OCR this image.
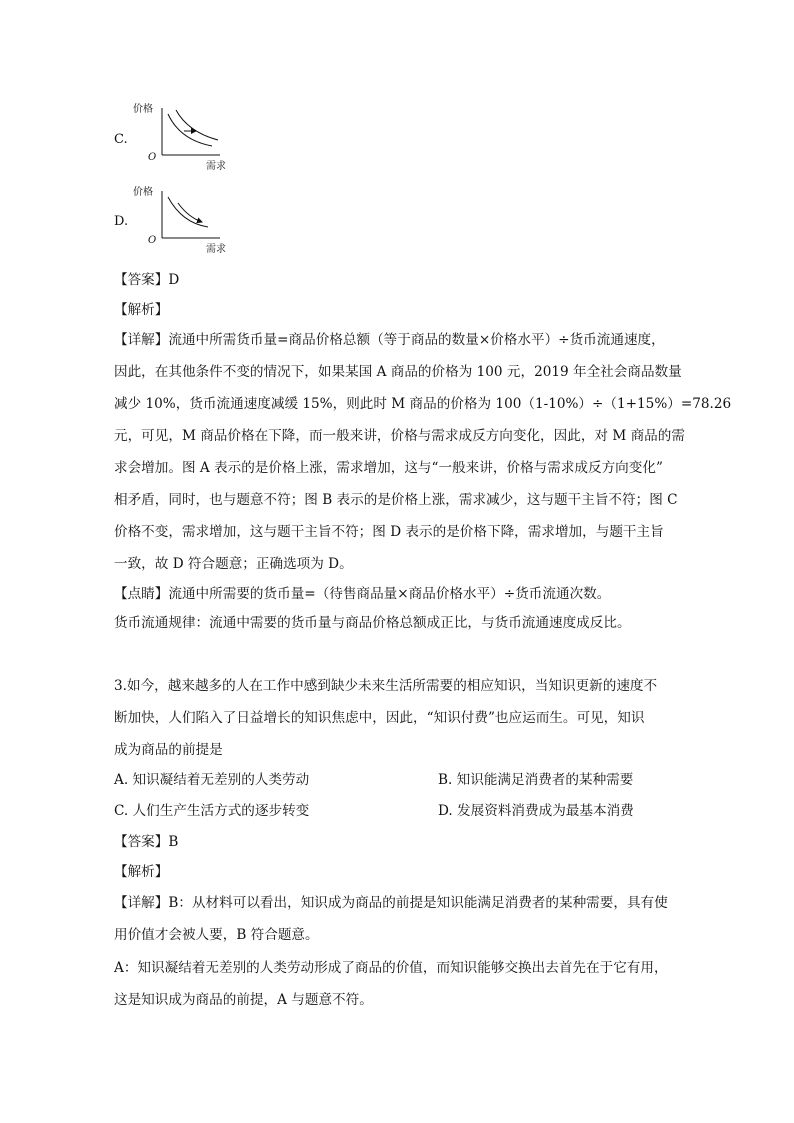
C.
价格
O
需求
D.
价格
O
需求
【答案】D
【解析】
【详解】流通中所需货币量=商品价格总额（等于商品的数量×价格水平）÷货币流通速度，
因此，在其他条件不变的情况下，如果某国 A 商品的价格为 100 元，2019 年全社会商品数量
减少 10%，货币流通速度减缓 15%，则此时 M 商品的价格为 100（1-10%）÷（1+15%）=78.26
元，可见，M 商品价格在下降，而一般来讲，价格与需求成反方向变化，因此，对 M 商品的需
求会增加。图 A 表示的是价格上涨，需求增加，这与“一般来讲，价格与需求成反方向变化”
相矛盾，同时，也与题意不符；图 B 表示的是价格上涨，需求减少，这与题干主旨不符；图 C
价格不变，需求增加，这与题干主旨不符；图 D 表示的是价格下降，需求增加，与题干主旨
一致，故 D 符合题意；正确选项为 D。
【点睛】流通中所需要的货币量=（待售商品量×商品价格水平）÷货币流通次数。
货币流通规律：流通中需要的货币量与商品价格总额成正比，与货币流通速度成反比。
3.如今，越来越多的人在工作中感到缺少未来生活所需要的相应知识，当知识更新的速度不
断加快，人们陷入了日益增长的知识焦虑中，因此，“知识付费”也应运而生。可见，知识
成为商品的前提是
A. 知识凝结着无差别的人类劳动	B. 知识能满足消费者的某种需要
C. 人们生产生活方式的逐步转变	D. 发展资料消费成为最基本消费
【答案】B
【解析】
【详解】B：从材料可以看出，知识成为商品的前提是知识能满足消费者的某种需要，具有使
用价值才会被人要，B 符合题意。
A：知识凝结着无差别的人类劳动形成了商品的价值，而知识能够交换出去首先在于它有用，
这是知识成为商品的前提，A 与题意不符。
